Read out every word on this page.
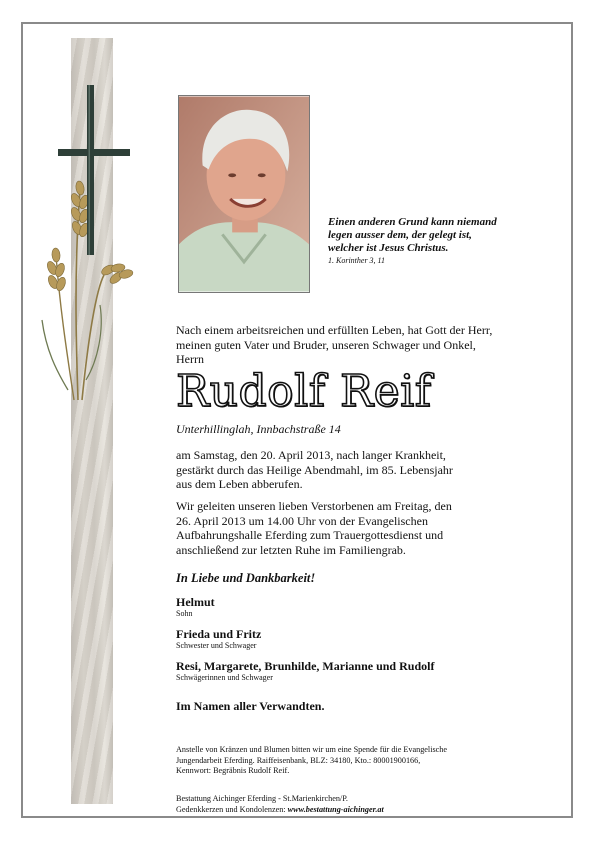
Einen anderen Grund kann niemand
legen ausser dem, der gelegt ist,
welcher ist Jesus Christus.
1. Korinther 3, 11
Nach einem arbeitsreichen und erfüllten Leben, hat Gott der Herr,
meinen guten Vater und Bruder, unseren Schwager und Onkel,
Herrn
Rudolf Reif
Unterhillinglah, Innbachstraße 14
am Samstag, den 20. April 2013, nach langer Krankheit,
gestärkt durch das Heilige Abendmahl, im 85. Lebensjahr
aus dem Leben abberufen.
Wir geleiten unseren lieben Verstorbenen am Freitag, den
26. April 2013 um 14.00 Uhr von der Evangelischen
Aufbahrungshalle Eferding zum Trauergottesdienst und
anschließend zur letzten Ruhe im Familiengrab.
In Liebe und Dankbarkeit!
Helmut
Sohn
Frieda und Fritz
Schwester und Schwager
Resi, Margarete, Brunhilde, Marianne und Rudolf
Schwägerinnen und Schwager
Im Namen aller Verwandten.
Anstelle von Kränzen und Blumen bitten wir um eine Spende für die Evangelische
Jungendarbeit Eferding. Raiffeisenbank, BLZ: 34180, Kto.: 80001900166,
Kennwort: Begräbnis Rudolf Reif.
Bestattung Aichinger Eferding - St.Marienkirchen/P.
Gedenkkerzen und Kondolenzen: www.bestattung-aichinger.at
